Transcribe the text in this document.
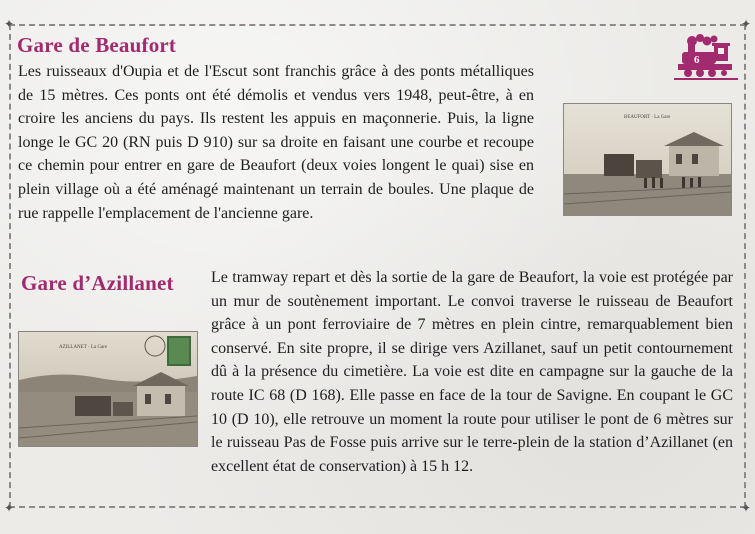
✦	✦
✦	✦
6
Gare de Beaufort

Les ruisseaux d'Oupia et de l'Escut sont franchis grâce à des ponts métalliques de 15 mètres. Ces ponts ont été démolis et vendus vers 1948, peut-être, à en croire les anciens du pays. Ils restent les appuis en maçonnerie. Puis, la ligne longe le GC 20 (RN puis D 910) sur sa droite en faisant une courbe et recoupe ce chemin pour entrer en gare de Beaufort (deux voies longent le quai) sise en plein village où a été aménagé maintenant un terrain de boules. Une plaque de rue rappelle l'emplacement de l'ancienne gare.

BEAUFORT · La Gare
Gare d’Azillanet Le tramway repart et dès la sortie de la gare de Beaufort, la voie est protégée par un mur de soutènement important. Le convoi traverse le ruisseau de Beaufort grâce à un pont ferroviaire de 7 mètres en plein cintre, remarquablement bien conservé. En site propre, il se dirige vers Azillanet, sauf un petit contournement dû à la présence du cimetière. La voie est dite en campagne sur la gauche de la route IC 68 (D 168). Elle passe en face de la tour de Savigne. En coupant le GC 10 (D 10), elle retrouve un moment la route pour utiliser le pont de 6 mètres sur le ruisseau Pas de Fosse puis arrive sur le terre-plein de la station d’Azillanet (en excellent état de conservation) à 15 h 12.

AZILLANET · La Gare
